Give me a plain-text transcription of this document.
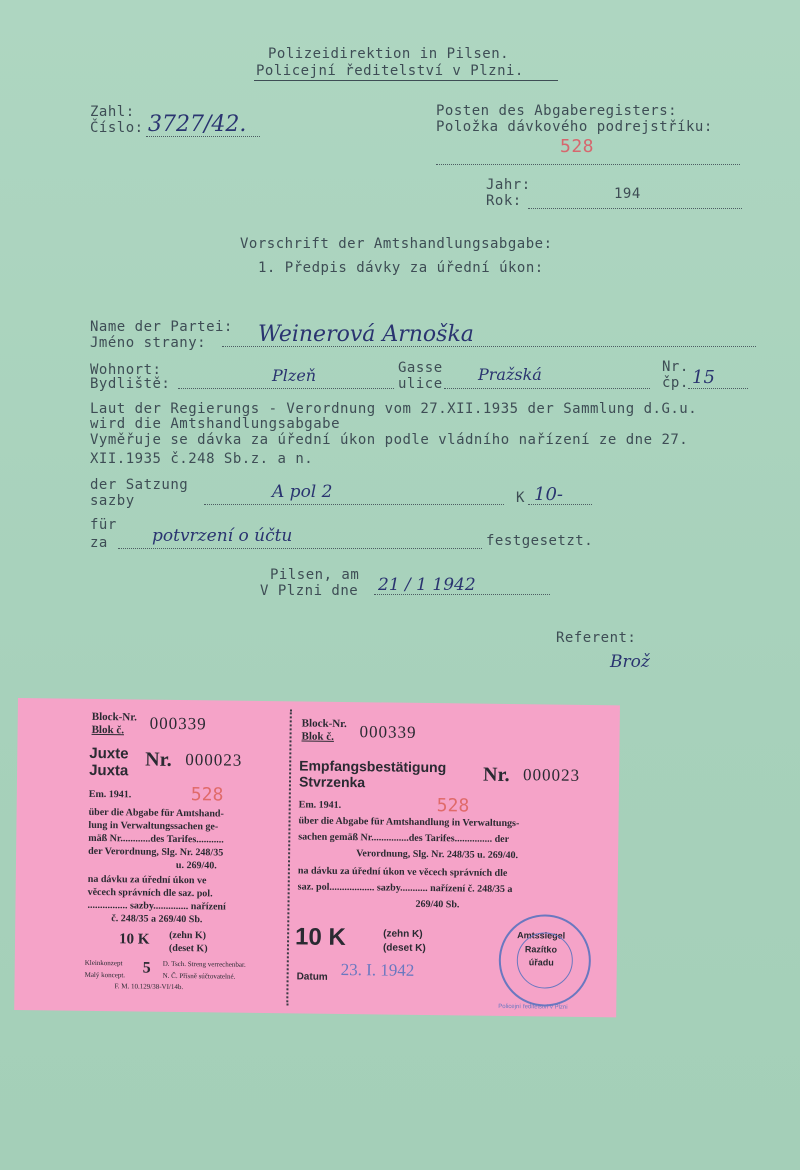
Polizeidirektion in Pilsen.
Policejní ředitelství v Plzni.
Zahl:
Číslo: 3727/42.
Posten des Abgaberegisters:
Položka dávkového podrejstříku:
528
Jahr:
Rok:	194
Vorschrift der Amtshandlungsabgabe:
1. Předpis dávky za úřední úkon:
Name der Partei:
Jméno strany: Weinerová Arnoška
Wohnort:
Bydliště:	Plzeň	Gasse
ulice Pražská	Nr.
čp. 15
Laut der Regierungs - Verordnung vom 27.XII.1935 der Sammlung d.G.u.
wird die Amtshandlungsabgabe
Vyměřuje se dávka za úřední úkon podle vládního nařízení ze dne 27.
XII.1935 č.248 Sb.z. a n.
der Satzung
sazby	A pol 2	K 10-
für
za	potvrzení o účtu	festgesetzt.
Pilsen, am
V Plzni dne 21 / 1 1942
Referent:
Brož
Block-Nr.
Blok č. 000339
Juxte
Juxta Nr. 000023
Em. 1941.	528
über die Abgabe für Amtshand-
lung in Verwaltungssachen ge-
mäß Nr............des Tarifes...........
der Verordnung, Slg. Nr. 248/35
u. 269/40.
na dávku za úřední úkon ve
věcech správních dle saz. pol.
................ sazby.............. nařízení
č. 248/35 a 269/40 Sb.
10 K (zehn K)
(deset K)
Kleinkonzept	D. Tsch. Streng verrechenbar.
Malý koncept.	N. Č. Přísně súčtovatelné.
5
F. M. 10.129/38-VI/14b.
Block-Nr.
Blok č. 000339
Empfangsbestätigung
Stvrzenka	Nr. 000023
Em. 1941.	528
über die Abgabe für Amtshandlung in Verwaltungs-
sachen gemäß Nr...............des Tarifes............... der
Verordnung, Slg. Nr. 248/35 u. 269/40.
na dávku za úřední úkon ve věcech správních dle
saz. pol.................. sazby........... nařízení č. 248/35 a
269/40 Sb.
10 K	(zehn K)
(deset K)
Amtssiegel
Razítko
úřadu
Datum 23. I. 1942
Policejní ředitelství v Plzni
